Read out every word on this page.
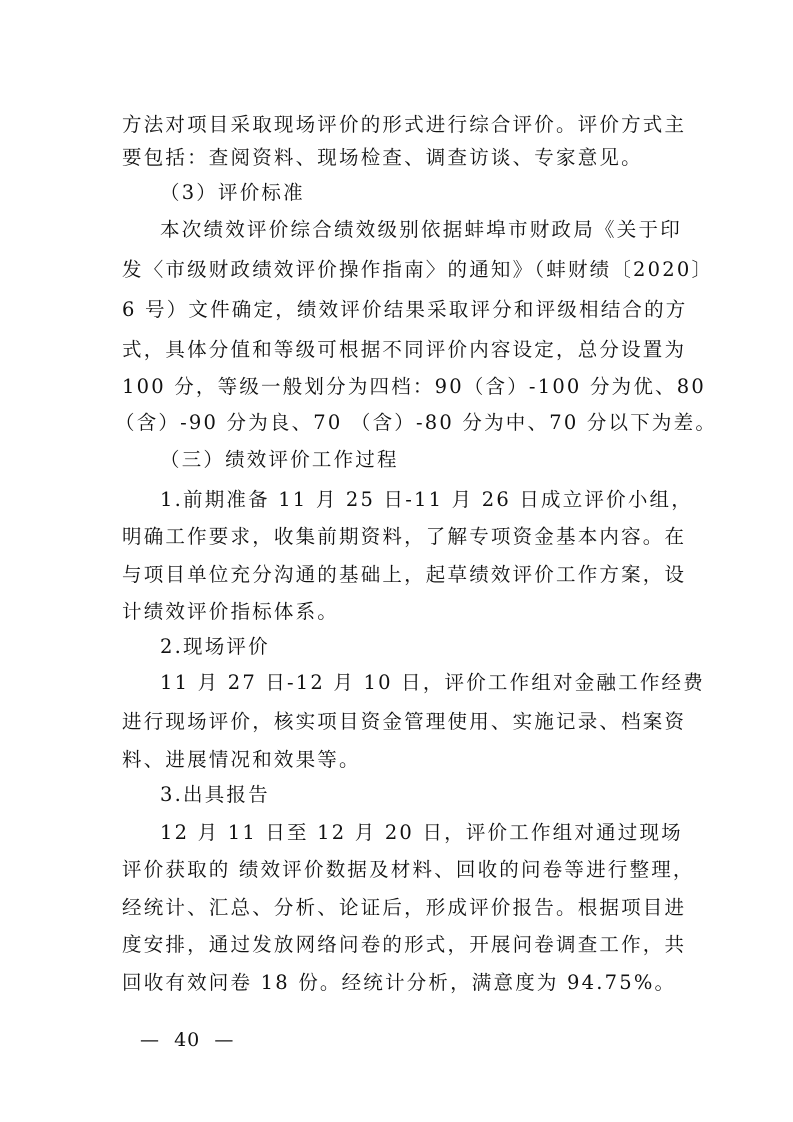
方法对项目采取现场评价的形式进行综合评价。评价方式主
要包括：查阅资料、现场检查、调查访谈、专家意见。
（3）评价标准
本次绩效评价综合绩效级别依据蚌埠市财政局《关于印
发〈市级财政绩效评价操作指南〉的通知》（蚌财绩〔2020〕
6 号）文件确定，绩效评价结果采取评分和评级相结合的方
式，具体分值和等级可根据不同评价内容设定，总分设置为
100 分，等级一般划分为四档：90（含）-100 分为优、80
（含）-90 分为良、70 （含）-80 分为中、70 分以下为差。
（三）绩效评价工作过程
1.前期准备 11 月 25 日-11 月 26 日成立评价小组，
明确工作要求，收集前期资料，了解专项资金基本内容。在
与项目单位充分沟通的基础上，起草绩效评价工作方案，设
计绩效评价指标体系。
2.现场评价
11 月 27 日-12 月 10 日，评价工作组对金融工作经费
进行现场评价，核实项目资金管理使用、实施记录、档案资
料、进展情况和效果等。
3.出具报告
12 月 11 日至 12 月 20 日，评价工作组对通过现场
评价获取的 绩效评价数据及材料、回收的问卷等进行整理，
经统计、汇总、分析、论证后，形成评价报告。根据项目进
度安排，通过发放网络问卷的形式，开展问卷调查工作，共
回收有效问卷 18 份。经统计分析，满意度为 94.75%。
—  40  —
